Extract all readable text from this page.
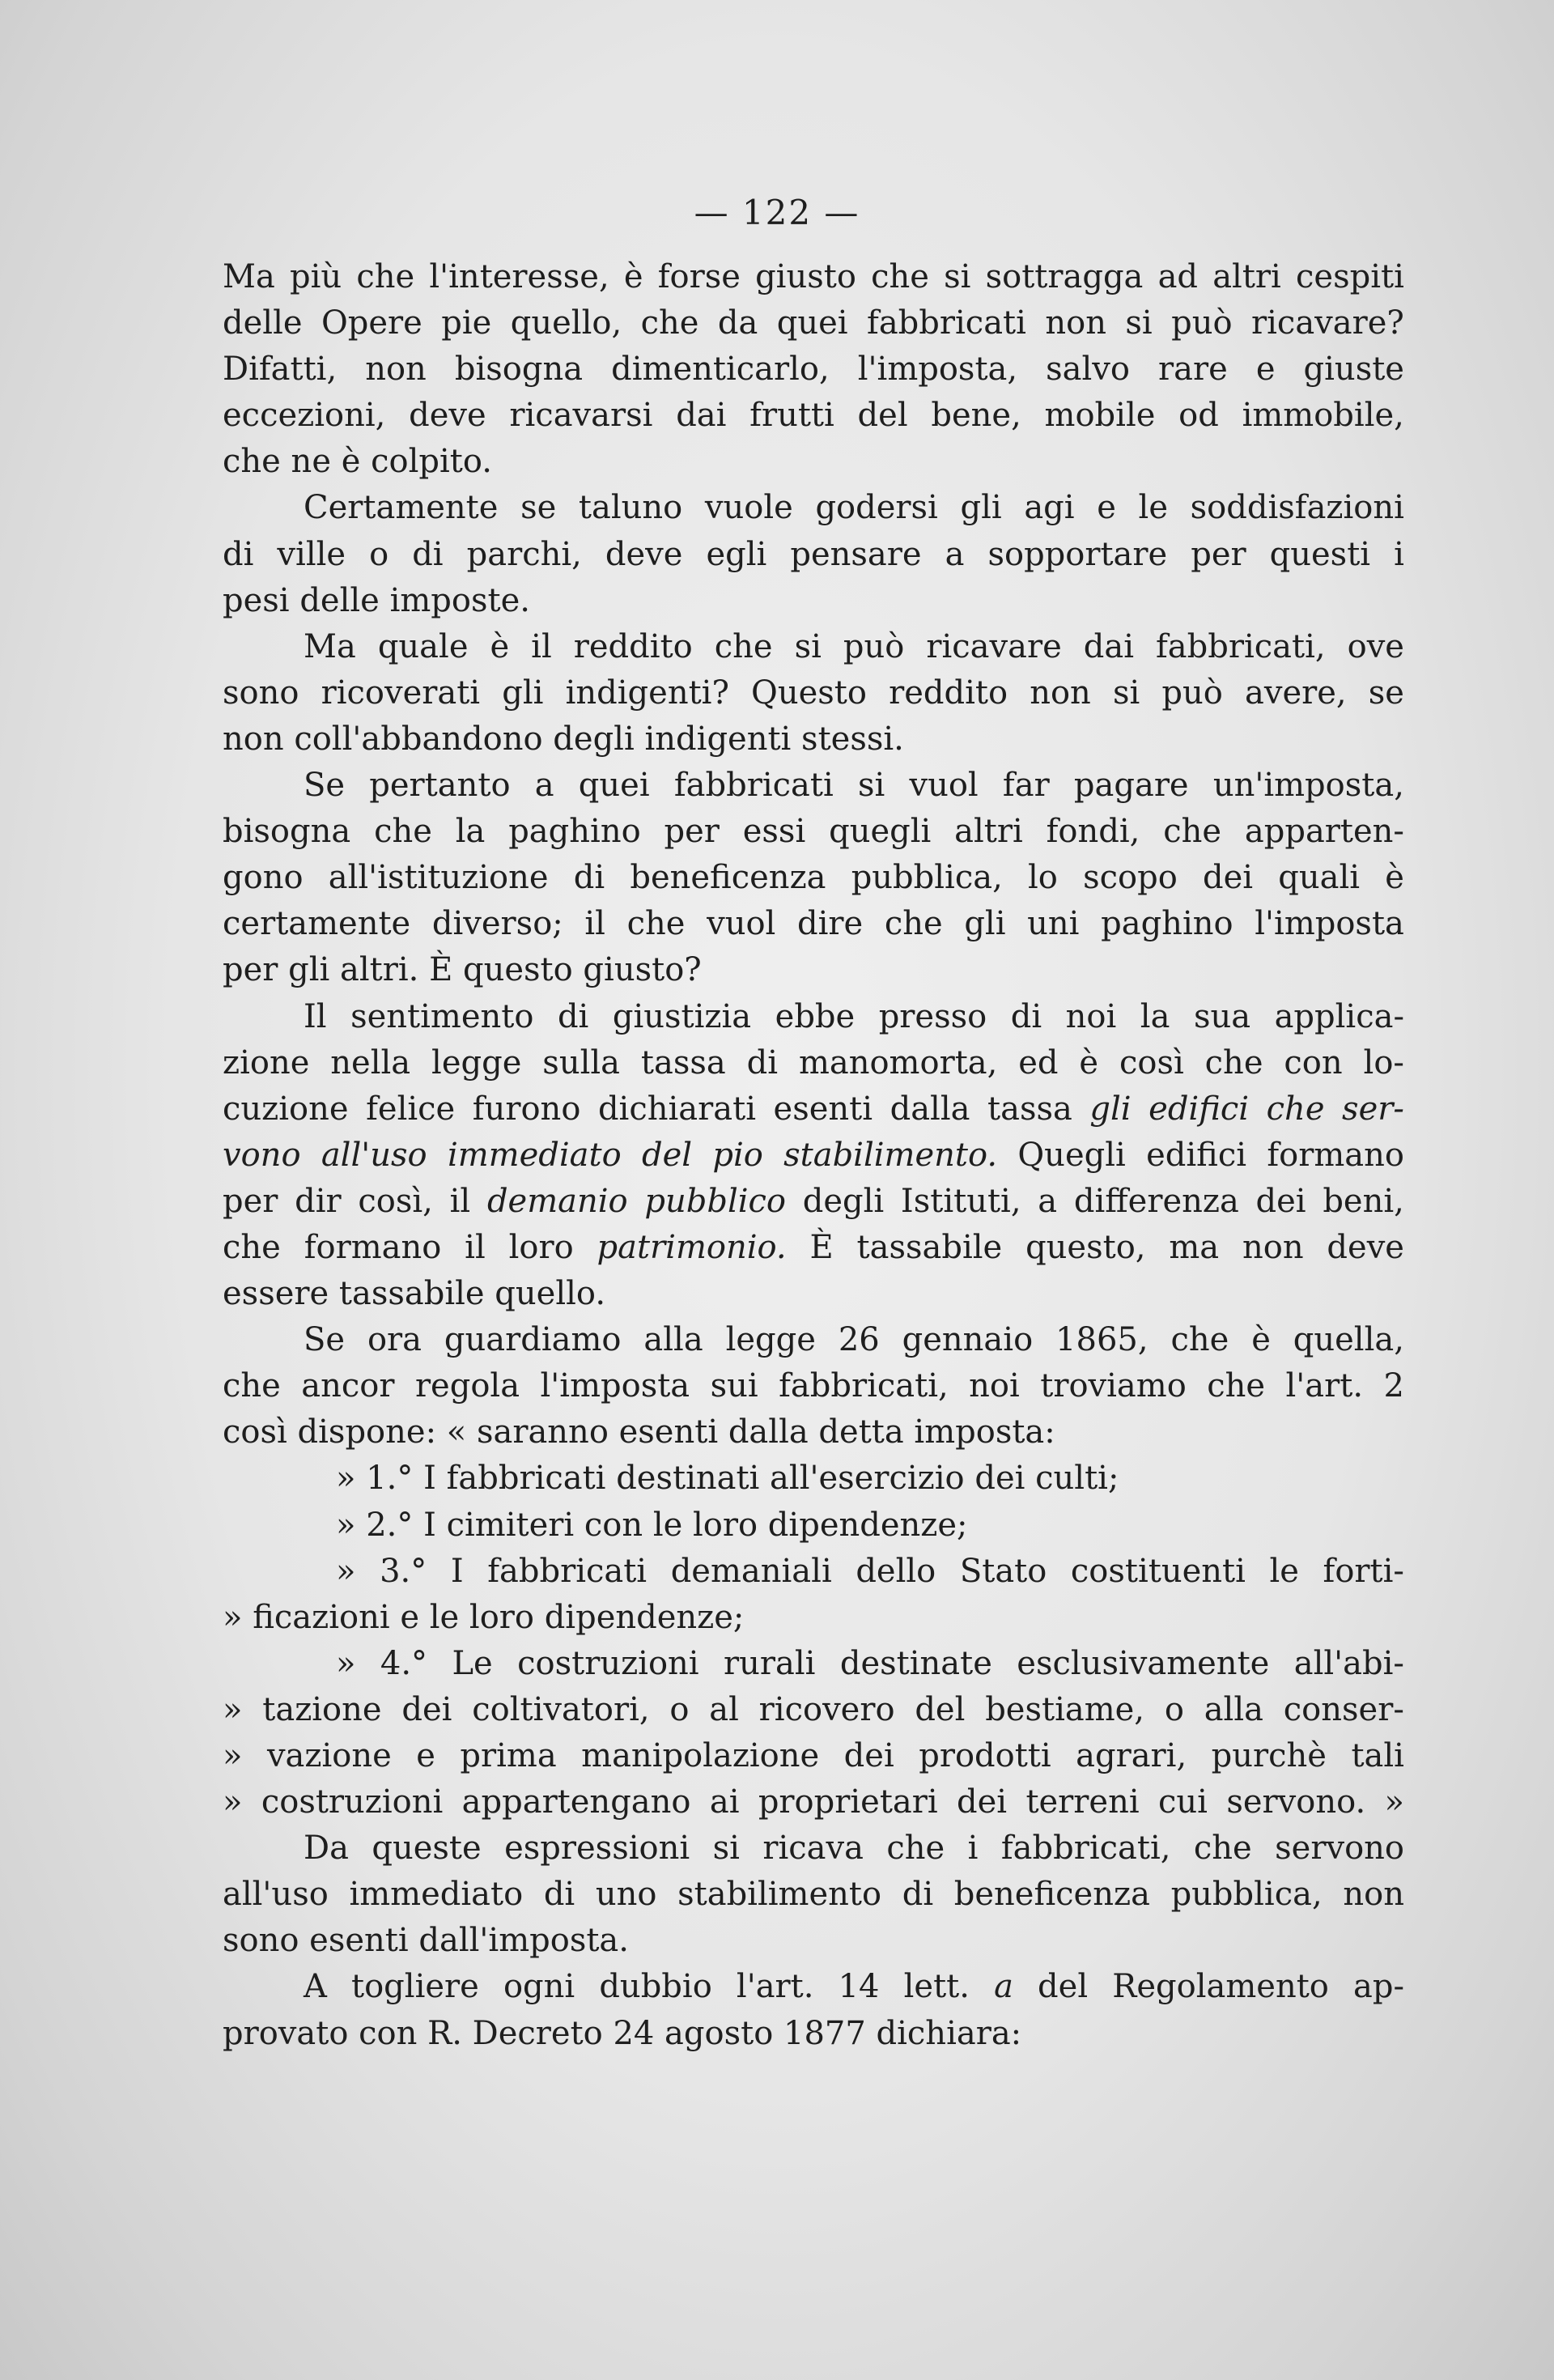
— 122 —
Ma più che l'interesse, è forse giusto che si sottragga ad altri cespiti
delle Opere pie quello, che da quei fabbricati non si può ricavare?
Difatti, non bisogna dimenticarlo, l'imposta, salvo rare e giuste
eccezioni, deve ricavarsi dai frutti del bene, mobile od immobile,
che ne è colpito.
Certamente se taluno vuole godersi gli agi e le soddisfazioni
di ville o di parchi, deve egli pensare a sopportare per questi i
pesi delle imposte.
Ma quale è il reddito che si può ricavare dai fabbricati, ove
sono ricoverati gli indigenti? Questo reddito non si può avere, se
non coll'abbandono degli indigenti stessi.
Se pertanto a quei fabbricati si vuol far pagare un'imposta,
bisogna che la paghino per essi quegli altri fondi, che apparten-
gono all'istituzione di beneficenza pubblica, lo scopo dei quali è
certamente diverso; il che vuol dire che gli uni paghino l'imposta
per gli altri. È questo giusto?
Il sentimento di giustizia ebbe presso di noi la sua applica-
zione nella legge sulla tassa di manomorta, ed è così che con lo-
cuzione felice furono dichiarati esenti dalla tassa gli edifici che ser-
vono all'uso immediato del pio stabilimento. Quegli edifici formano
per dir così, il demanio pubblico degli Istituti, a differenza dei beni,
che formano il loro patrimonio. È tassabile questo, ma non deve
essere tassabile quello.
Se ora guardiamo alla legge 26 gennaio 1865, che è quella,
che ancor regola l'imposta sui fabbricati, noi troviamo che l'art. 2
così dispone: « saranno esenti dalla detta imposta:
» 1.° I fabbricati destinati all'esercizio dei culti;
» 2.° I cimiteri con le loro dipendenze;
» 3.° I fabbricati demaniali dello Stato costituenti le forti-
» ficazioni e le loro dipendenze;
» 4.° Le costruzioni rurali destinate esclusivamente all'abi-
» tazione dei coltivatori, o al ricovero del bestiame, o alla conser-
» vazione e prima manipolazione dei prodotti agrari, purchè tali
» costruzioni appartengano ai proprietari dei terreni cui servono. »
Da queste espressioni si ricava che i fabbricati, che servono
all'uso immediato di uno stabilimento di beneficenza pubblica, non
sono esenti dall'imposta.
A togliere ogni dubbio l'art. 14 lett. a del Regolamento ap-
provato con R. Decreto 24 agosto 1877 dichiara:
